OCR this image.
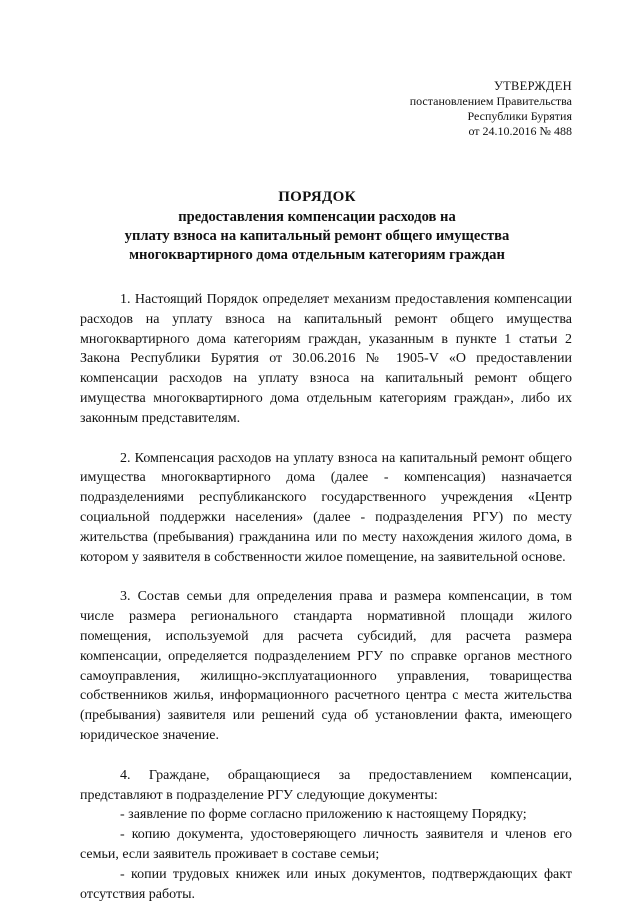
УТВЕРЖДЕН
постановлением Правительства
Республики Бурятия
от 24.10.2016 № 488
ПОРЯДОК
предоставления компенсации расходов на
уплату взноса на капитальный ремонт общего имущества
многоквартирного дома отдельным категориям граждан

1. Настоящий Порядок определяет механизм предоставления компенсации расходов на уплату взноса на капитальный ремонт общего имущества многоквартирного дома категориям граждан, указанным в пункте 1 статьи 2 Закона Республики Бурятия от 30.06.2016 № 1905-V «О предоставлении компенсации расходов на уплату взноса на капитальный ремонт общего имущества многоквартирного дома отдельным категориям граждан», либо их законным представителям.

2. Компенсация расходов на уплату взноса на капитальный ремонт общего имущества многоквартирного дома (далее - компенсация) назначается подразделениями республиканского государственного учреждения «Центр социальной поддержки населения» (далее - подразделения РГУ) по месту жительства (пребывания) гражданина или по месту нахождения жилого дома, в котором у заявителя в собственности жилое помещение, на заявительной основе.

3. Состав семьи для определения права и размера компенсации, в том числе размера регионального стандарта нормативной площади жилого помещения, используемой для расчета субсидий, для расчета размера компенсации, определяется подразделением РГУ по справке органов местного самоуправления, жилищно-эксплуатационного управления, товарищества собственников жилья, информационного расчетного центра с места жительства (пребывания) заявителя или решений суда об установлении факта, имеющего юридическое значение.

4. Граждане, обращающиеся за предоставлением компенсации, представляют в подразделение РГУ следующие документы:

- заявление по форме согласно приложению к настоящему Порядку;

- копию документа, удостоверяющего личность заявителя и членов его семьи, если заявитель проживает в составе семьи;

- копии трудовых книжек или иных документов, подтверждающих факт отсутствия работы.
